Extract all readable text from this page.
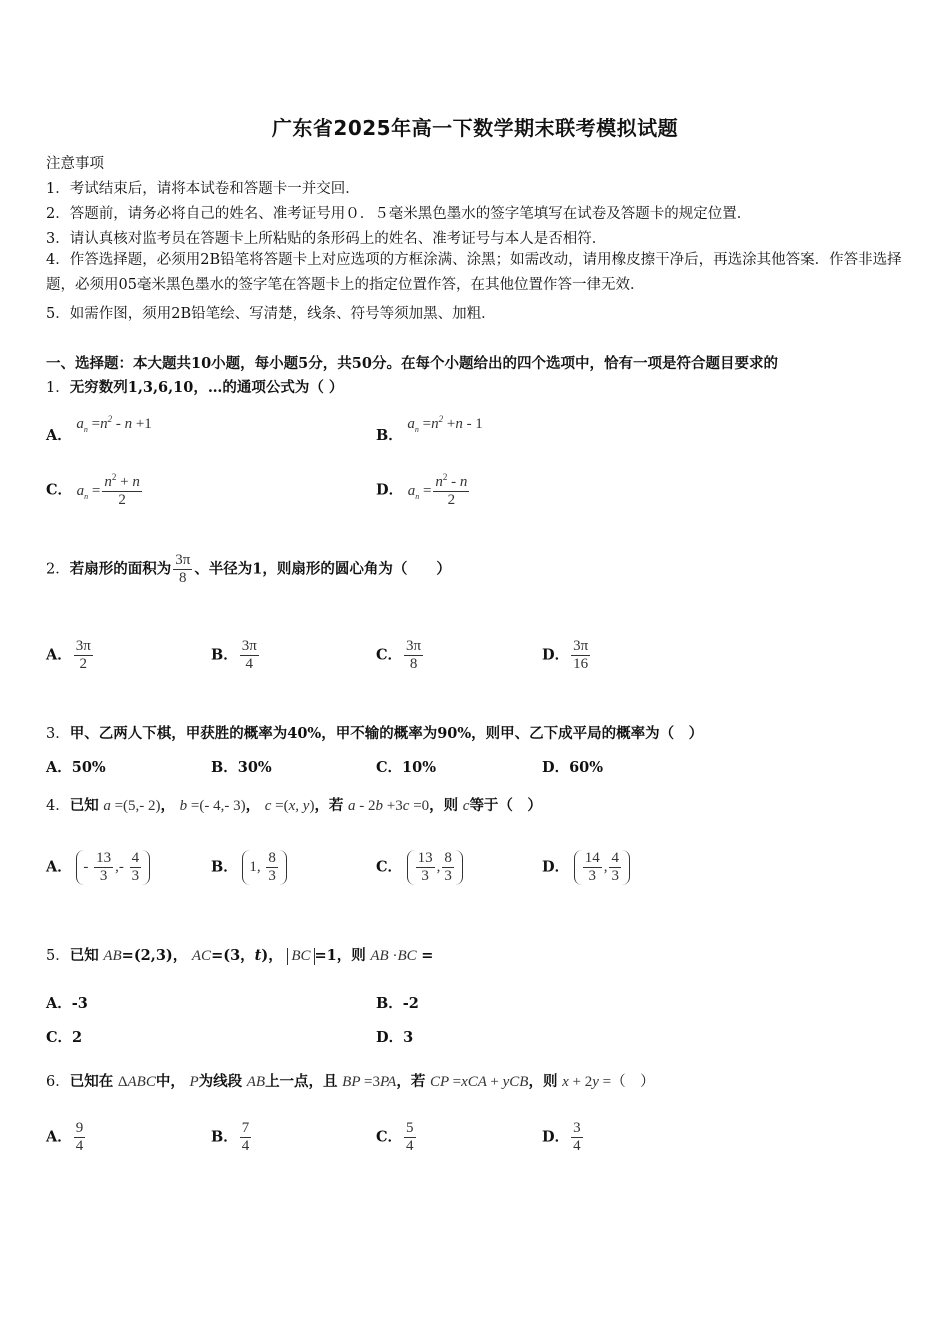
广东省2025年高一下数学期末联考模拟试题
注意事项
1．考试结束后，请将本试卷和答题卡一并交回．
2．答题前，请务必将自己的姓名、准考证号用０．５毫米黑色墨水的签字笔填写在试卷及答题卡的规定位置．
3．请认真核对监考员在答题卡上所粘贴的条形码上的姓名、准考证号与本人是否相符．
4．作答选择题，必须用2B铅笔将答题卡上对应选项的方框涂满、涂黑；如需改动，请用橡皮擦干净后，再选涂其他答案．作答非选择题，必须用05毫米黑色墨水的签字笔在答题卡上的指定位置作答，在其他位置作答一律无效．
5．如需作图，须用2B铅笔绘、写清楚，线条、符号等须加黑、加粗．
一、选择题：本大题共10小题，每小题5分，共50分。在每个小题给出的四个选项中，恰有一项是符合题目要求的
1．无穷数列1,3,6,10，…的通项公式为（ ）
A． $a_n =n^2 - n +1$
B． $a_n =n^2 +n - 1$
C． $a_n = \frac{n^2 + n}{2}$	D． $a_n = \frac{n^2 - n}{2}$
2．若扇形的面积为 $\frac{3\pi}{8}$ 、半径为1，则扇形的圆心角为（　　）
A． $\frac{3\pi}{2}$	B． $\frac{3\pi}{4}$	C． $\frac{3\pi}{8}$	D． $\frac{3\pi}{16}$
3．甲、乙两人下棋，甲获胜的概率为40%，甲不输的概率为90%，则甲、乙下成平局的概率为（　）
A．50%	B．30%	C．10%	D．60%
4．已知 a =(5,- 2)， b =(- 4,- 3)， c =(x, y)，若 a - 2b +3c =0，则 c等于（　）
A． - $\frac{13}{3}$ ,- $\frac{4}{3}$	B． 1, $\frac{8}{3}$	C． $\frac{13}{3}$ , $\frac{8}{3}$	D． $\frac{14}{3}$ , $\frac{4}{3}$
5．已知 AB=(2,3)， AC=(3，t)， BC =1，则 AB ·BC =
A．-3	B．-2
C．2	D．3
6．已知在 ΔABC中， P为线段 AB上一点，且 BP =3PA，若 CP =xCA + yCB，则 x + 2y =（　）
A． $\frac{9}{4}$	B． $\frac{7}{4}$	C． $\frac{5}{4}$	D． $\frac{3}{4}$
